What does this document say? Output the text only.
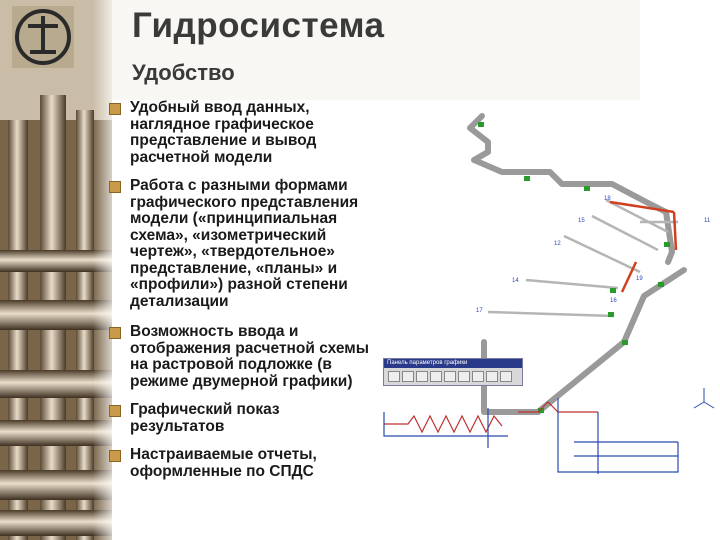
Гидросистема
Удобство
Удобный ввод данных, наглядное графическое представление и вывод расчетной модели
Работа с разными формами графического представления модели («принципиальная схема», «изометрический чертеж», «твердотельное» представление, «планы» и «профили») разной степени детализации
Возможность ввода и отображения расчетной схемы на растровой подложке (в режиме двумерной графики)
Графический показ результатов
Настраиваемые отчеты, оформленные по СПДС
18
15
12
14
17
16
19
11
Панель параметров графики
